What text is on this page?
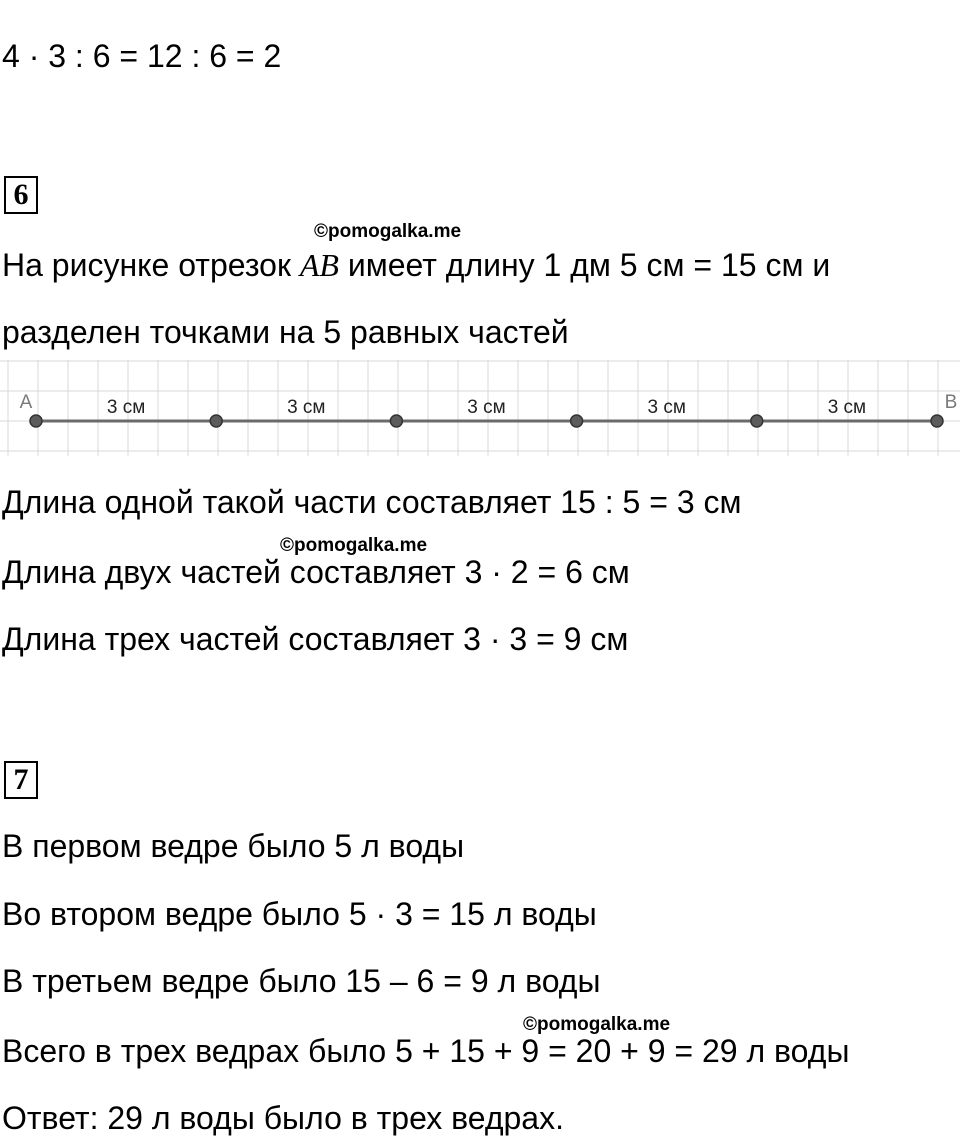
4 · 3 : 6 = 12 : 6 = 2
6
©pomogalka.me
На рисунке отрезок AB имеет длину 1 дм 5 см = 15 см и
разделен точками на 5 равных частей
3 см	3 см	3 см	3 см	3 см
A	B
Длина одной такой части составляет 15 : 5 = 3 см
©pomogalka.me
Длина двух частей составляет 3 · 2 = 6 см
Длина трех частей составляет 3 · 3 = 9 см
7
В первом ведре было 5 л воды
Во втором ведре было 5 · 3 = 15 л воды
В третьем ведре было 15 – 6 = 9 л воды
©pomogalka.me
Всего в трех ведрах было 5 + 15 + 9 = 20 + 9 = 29 л воды
Ответ: 29 л воды было в трех ведрах.
